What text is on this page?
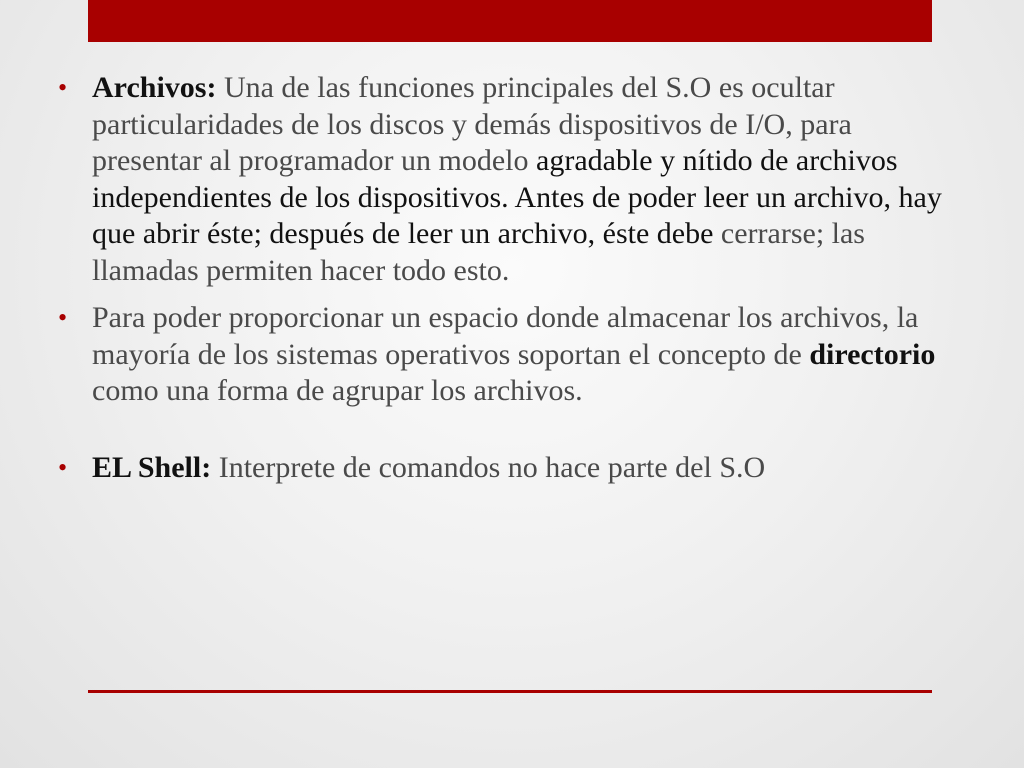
• Archivos: Una de las funciones principales del S.O es ocultar particularidades de los discos y demás dispositivos de I/O, para presentar al programador un modelo agradable y nítido de archivos independientes de los dispositivos. Antes de poder leer un archivo, hay que abrir éste; después de leer un archivo, éste debe cerrarse; las llamadas permiten hacer todo esto.
• Para poder proporcionar un espacio donde almacenar los archivos, la mayoría de los sistemas operativos soportan el concepto de directorio como una forma de agrupar los archivos.
• EL Shell: Interprete de comandos no hace parte del S.O
